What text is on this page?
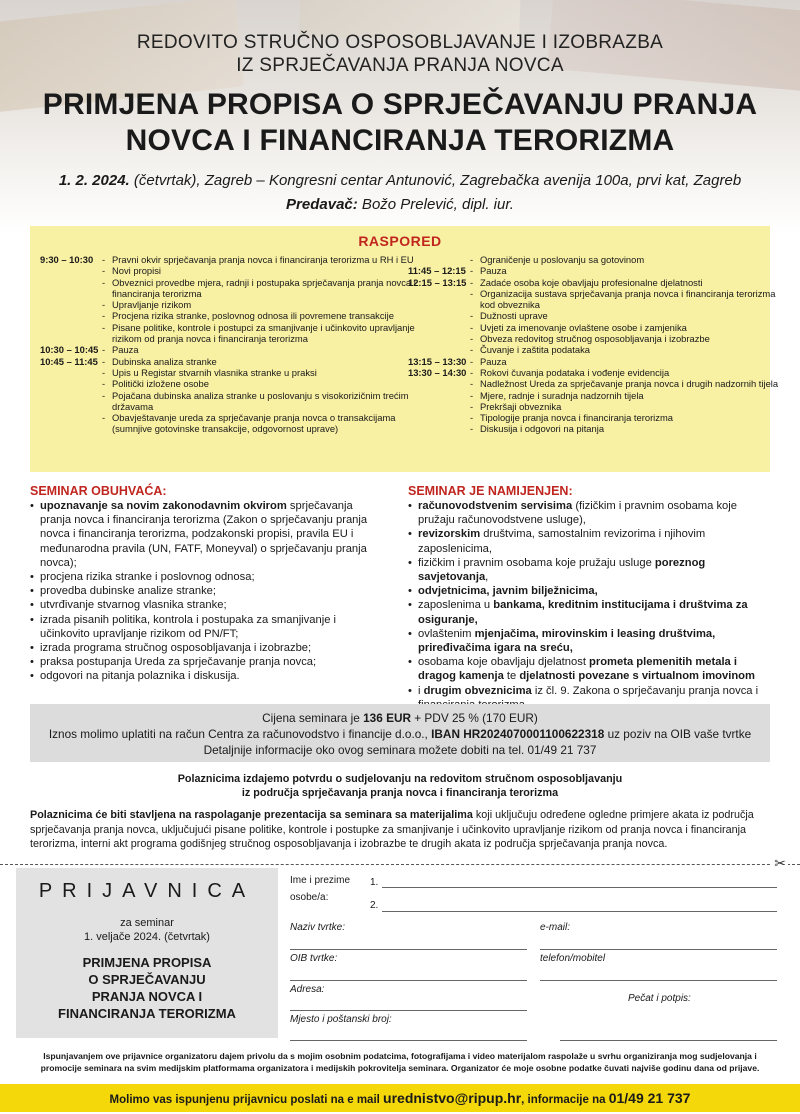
REDOVITO STRUČNO OSPOSOBLJAVANJE I IZOBRAZBA
IZ SPRJEČAVANJA PRANJA NOVCA
PRIMJENA PROPISA O SPRJEČAVANJU PRANJA
NOVCA I FINANCIRANJA TERORIZMA
1. 2. 2024. (četvrtak), Zagreb – Kongresni centar Antunović, Zagrebačka avenija 100a, prvi kat, Zagreb
Predavač: Božo Prelević, dipl. iur.
RASPORED
9:30 – 10:30 - Pravni okvir sprječavanja pranja novca i financiranja terorizma u RH i EU
- Novi propisi
- Obveznici provedbe mjera, radnji i postupaka sprječavanja pranja novca i
financiranja terorizma
- Upravljanje rizikom
- Procjena rizika stranke, poslovnog odnosa ili povremene transakcije
- Pisane politike, kontrole i postupci za smanjivanje i učinkovito upravljanje
rizikom od pranja novca i financiranja terorizma
10:30 – 10:45 - Pauza
10:45 – 11:45 - Dubinska analiza stranke
- Upis u Registar stvarnih vlasnika stranke u praksi
- Politički izložene osobe
- Pojačana dubinska analiza stranke u poslovanju s visokorizičnim trećim
državama
- Obavještavanje ureda za sprječavanje pranja novca o transakcijama
(sumnjive gotovinske transakcije, odgovornost uprave)
- Ograničenje u poslovanju sa gotovinom
11:45 – 12:15 - Pauza
12:15 – 13:15 - Zadaće osoba koje obavljaju profesionalne djelatnosti
- Organizacija sustava sprječavanja pranja novca i financiranja terorizma
kod obveznika
- Dužnosti uprave
- Uvjeti za imenovanje ovlaštene osobe i zamjenika
- Obveza redovitog stručnog osposobljavanja i izobrazbe
- Čuvanje i zaštita podataka
13:15 – 13:30 - Pauza
13:30 – 14:30 - Rokovi čuvanja podataka i vođenje evidencija
- Nadležnost Ureda za sprječavanje pranja novca i drugih nadzornih tijela
- Mjere, radnje i suradnja nadzornih tijela
- Prekršaji obveznika
- Tipologije pranja novca i financiranja terorizma
- Diskusija i odgovori na pitanja
SEMINAR OBUHVAĆA:
• upoznavanje sa novim zakonodavnim okvirom sprječavanja pranja novca i financiranja terorizma (Zakon o sprječavanju pranja novca i financiranja terorizma, podzakonski propisi, pravila EU i međunarodna pravila (UN, FATF, Moneyval) o sprječavanju pranja novca);
• procjena rizika stranke i poslovnog odnosa;
• provedba dubinske analize stranke;
• utvrđivanje stvarnog vlasnika stranke;
• izrada pisanih politika, kontrola i postupaka za smanjivanje i učinkovito upravljanje rizikom od PN/FT;
• izrada programa stručnog osposobljavanja i izobrazbe;
• praksa postupanja Ureda za sprječavanje pranja novca;
• odgovori na pitanja polaznika i diskusija.
SEMINAR JE NAMIJENJEN:
• računovodstvenim servisima (fizičkim i pravnim osobama koje pružaju računovodstvene usluge),
• revizorskim društvima, samostalnim revizorima i njihovim zaposlenicima,
• fizičkim i pravnim osobama koje pružaju usluge poreznog savjetovanja,
• odvjetnicima, javnim bilježnicima,
• zaposlenima u bankama, kreditnim institucijama i društvima za osiguranje,
• ovlaštenim mjenjačima, mirovinskim i leasing društvima, priređivačima igara na sreću,
• osobama koje obavljaju djelatnost prometa plemenitih metala i dragog kamenja te djelatnosti povezane s virtualnom imovinom
• i drugim obveznicima iz čl. 9. Zakona o sprječavanju pranja novca i
Cijena seminara je 136 EUR + PDV 25 % (170 EUR)
Iznos molimo uplatiti na račun Centra za računovodstvo i financije d.o.o., IBAN HR2024070001100622318 uz poziv na OIB vaše tvrtke
Detaljnije informacije oko ovog seminara možete dobiti na tel. 01/49 21 737
Polaznicima izdajemo potvrdu o sudjelovanju na redovitom stručnom osposobljavanju
iz područja sprječavanja pranja novca i financiranja terorizma
Polaznicima će biti stavljena na raspolaganje prezentacija sa seminara sa materijalima koji uključuju određene ogledne primjere akata iz područja sprječavanja pranja novca, uključujući pisane politike, kontrole i postupke za smanjivanje i učinkovito upravljanje rizikom od pranja novca i financiranja terorizma, interni akt programa godišnjeg stručnog osposobljavanja i izobrazbe te drugih akata iz područja sprječavanja pranja novca.
✂
PRIJAVNICA
za seminar
1. veljače 2024. (četvrtak)
PRIMJENA PROPISA
O SPRJEČAVANJU
PRANJA NOVCA I
FINANCIRANJA TERORIZMA
Ime i prezime
osobe/a:
1.
2.
Naziv tvrtke:	e-mail:
OIB tvrtke:	telefon/mobitel
Adresa:
Pečat i potpis:
Mjesto i poštanski broj:
Ispunjavanjem ove prijavnice organizatoru dajem privolu da s mojim osobnim podatcima, fotografijama i video materijalom raspolaže u svrhu organiziranja mog sudjelovanja i
promocije seminara na svim medijskim platformama organizatora i medijskih pokrovitelja seminara. Organizator će moje osobne podatke čuvati najviše godinu dana od prijave.
Molimo vas ispunjenu prijavnicu poslati na e mail urednistvo@ripup.hr, informacije na 01/49 21 737
